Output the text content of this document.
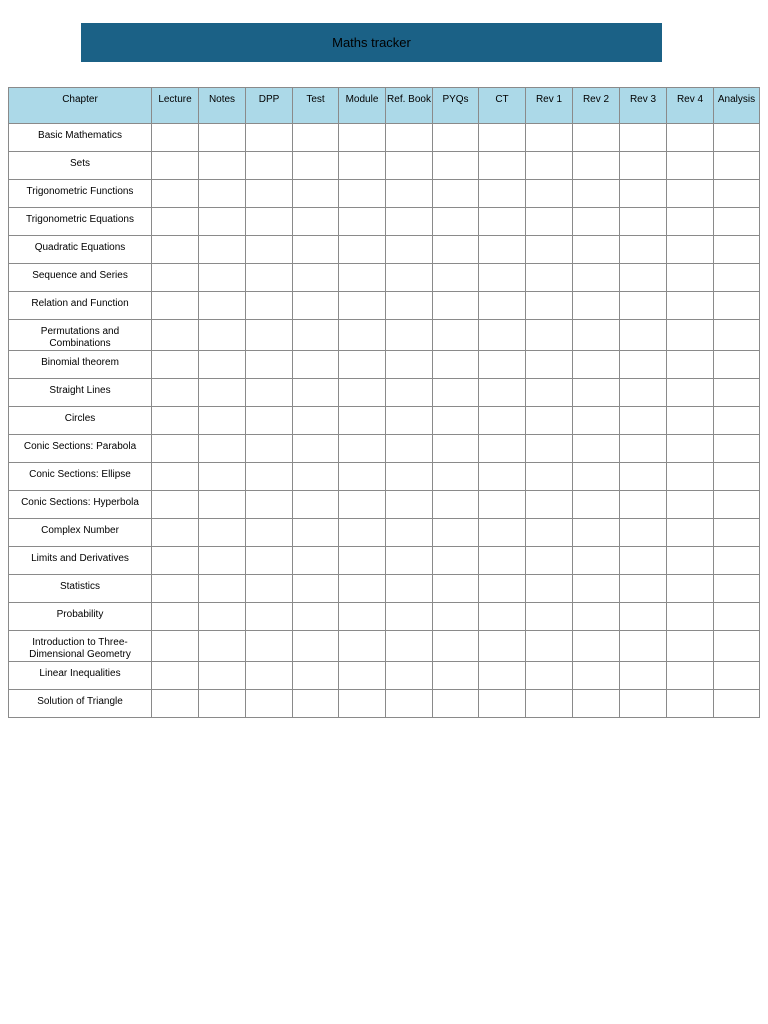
Maths tracker
Chapter	Lecture	Notes	DPP	Test	Module	Ref. Book	PYQs	CT	Rev 1	Rev 2	Rev 3	Rev 4	Analysis
Basic Mathematics													
Sets													
Trigonometric Functions													
Trigonometric Equations													
Quadratic Equations													
Sequence and Series													
Relation and Function													
Permutations and Combinations													
Binomial theorem													
Straight Lines													
Circles													
Conic Sections: Parabola													
Conic Sections: Ellipse													
Conic Sections: Hyperbola													
Complex Number													
Limits and Derivatives													
Statistics													
Probability													
Introduction to Three-Dimensional Geometry													
Linear Inequalities													
Solution of Triangle													
